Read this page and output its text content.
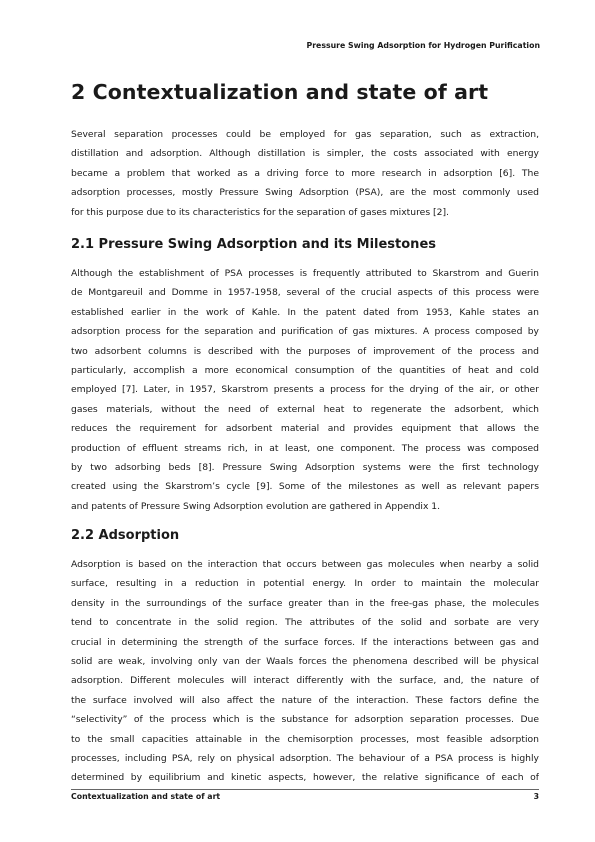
Pressure Swing Adsorption for Hydrogen Purification
2 Contextualization and state of art
Several separation processes could be employed for gas separation, such as extraction,
distillation and adsorption. Although distillation is simpler, the costs associated with energy
became a problem that worked as a driving force to more research in adsorption [6]. The
adsorption processes, mostly Pressure Swing Adsorption (PSA), are the most commonly used
for this purpose due to its characteristics for the separation of gases mixtures [2].
2.1 Pressure Swing Adsorption and its Milestones
Although the establishment of PSA processes is frequently attributed to Skarstrom and Guerin
de Montgareuil and Domme in 1957-1958, several of the crucial aspects of this process were
established earlier in the work of Kahle. In the patent dated from 1953, Kahle states an
adsorption process for the separation and purification of gas mixtures. A process composed by
two adsorbent columns is described with the purposes of improvement of the process and
particularly, accomplish a more economical consumption of the quantities of heat and cold
employed [7]. Later, in 1957, Skarstrom presents a process for the drying of the air, or other
gases materials, without the need of external heat to regenerate the adsorbent, which
reduces the requirement for adsorbent material and provides equipment that allows the
production of effluent streams rich, in at least, one component. The process was composed
by two adsorbing beds [8]. Pressure Swing Adsorption systems were the first technology
created using the Skarstrom’s cycle [9]. Some of the milestones as well as relevant papers
and patents of Pressure Swing Adsorption evolution are gathered in Appendix 1.
2.2 Adsorption
Adsorption is based on the interaction that occurs between gas molecules when nearby a solid
surface, resulting in a reduction in potential energy. In order to maintain the molecular
density in the surroundings of the surface greater than in the free-gas phase, the molecules
tend to concentrate in the solid region. The attributes of the solid and sorbate are very
crucial in determining the strength of the surface forces. If the interactions between gas and
solid are weak, involving only van der Waals forces the phenomena described will be physical
adsorption. Different molecules will interact differently with the surface, and, the nature of
the surface involved will also affect the nature of the interaction. These factors define the
“selectivity” of the process which is the substance for adsorption separation processes. Due
to the small capacities attainable in the chemisorption processes, most feasible adsorption
processes, including PSA, rely on physical adsorption. The behaviour of a PSA process is highly
determined by equilibrium and kinetic aspects, however, the relative significance of each of
Contextualization and state of art	3
